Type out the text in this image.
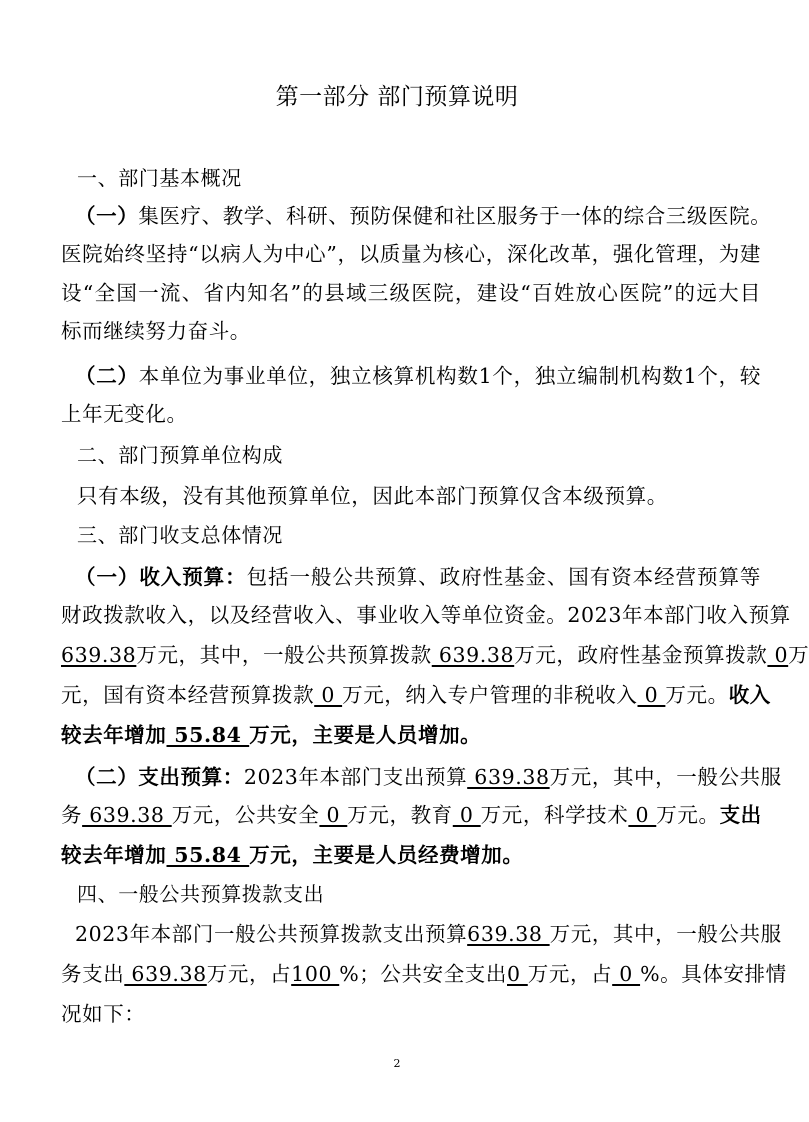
第一部分 部门预算说明
一、部门基本概况
（一）集医疗、教学、科研、预防保健和社区服务于一体的综合三级医院。
医院始终坚持“以病人为中心”，以质量为核心，深化改革，强化管理，为建
设“全国一流、省内知名”的县域三级医院，建设“百姓放心医院”的远大目
标而继续努力奋斗。
（二）本单位为事业单位，独立核算机构数1个，独立编制机构数1个，较
上年无变化。
二、部门预算单位构成
只有本级，没有其他预算单位，因此本部门预算仅含本级预算。
三、部门收支总体情况
（一）收入预算：包括一般公共预算、政府性基金、国有资本经营预算等
财政拨款收入，以及经营收入、事业收入等单位资金。2023年本部门收入预算
639.38万元，其中，一般公共预算拨款 639.38万元，政府性基金预算拨款 0万
元，国有资本经营预算拨款 0 万元，纳入专户管理的非税收入 0 万元。收入
较去年增加 55.84 万元，主要是人员增加。
（二）支出预算：2023年本部门支出预算 639.38万元，其中，一般公共服
务 639.38 万元，公共安全 0 万元，教育 0 万元，科学技术 0 万元。支出
较去年增加 55.84 万元，主要是人员经费增加。
四、一般公共预算拨款支出
2023年本部门一般公共预算拨款支出预算639.38 万元，其中，一般公共服
务支出 639.38万元，占100 %；公共安全支出0 万元，占 0 %。具体安排情
况如下：
2
